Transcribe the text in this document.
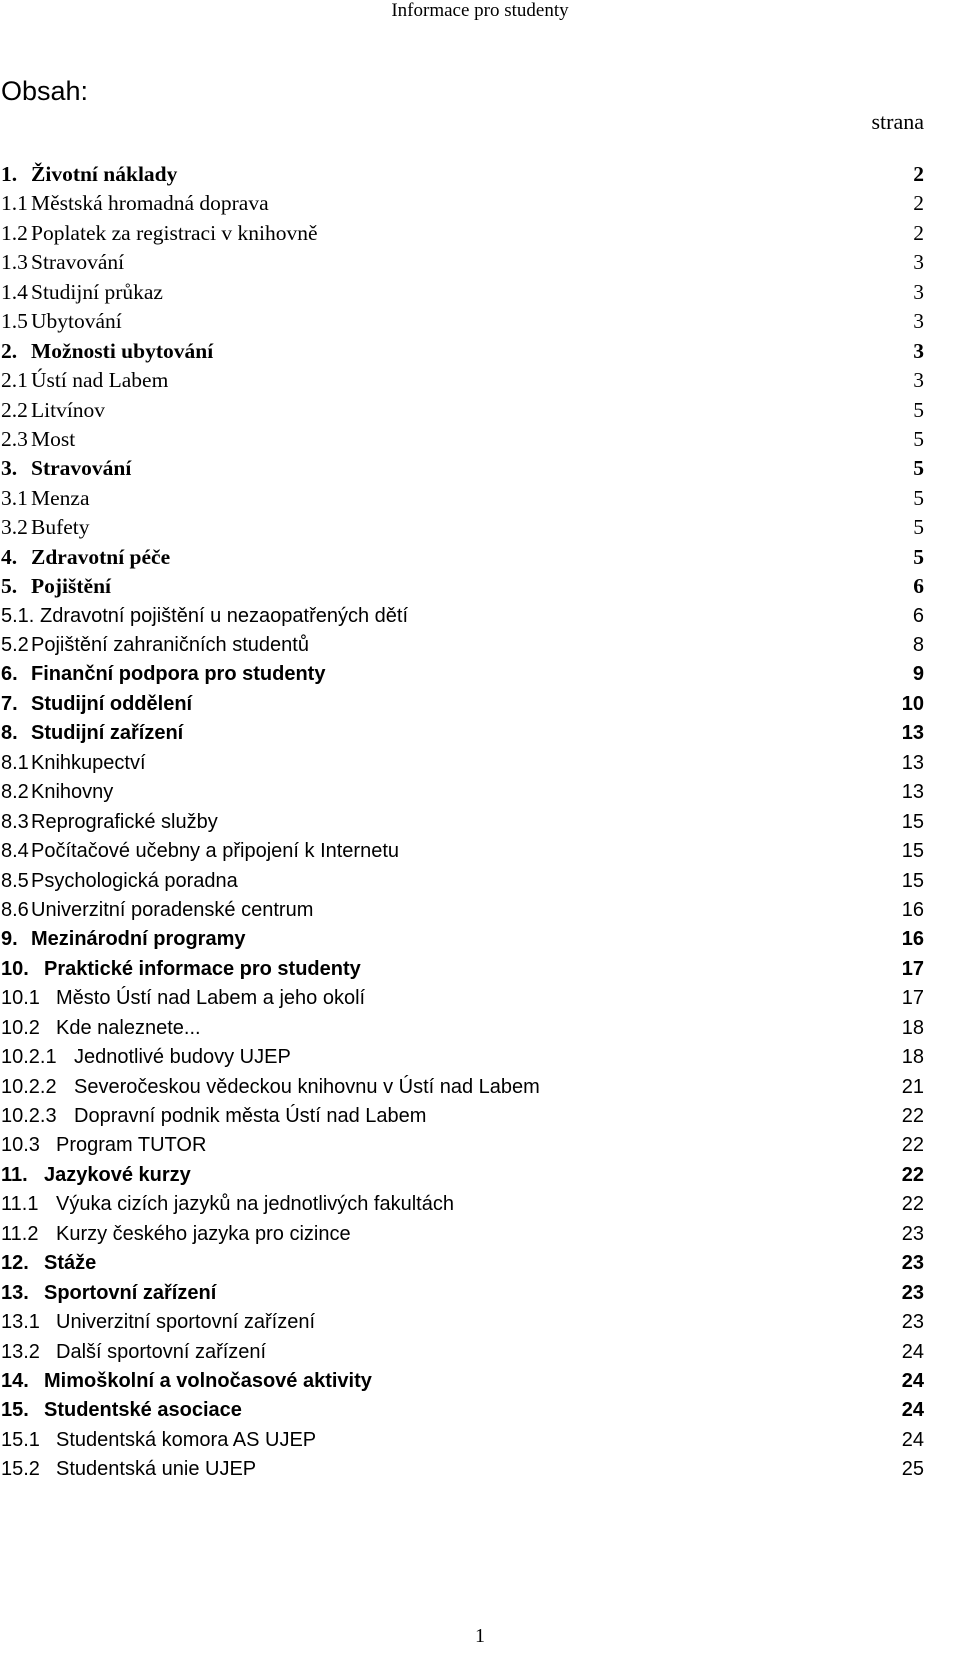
Informace pro studenty
Obsah:
strana
1. Životní náklady	2
1.1 Městská hromadná doprava	2
1.2 Poplatek za registraci v knihovně	2
1.3 Stravování	3
1.4 Studijní průkaz	3
1.5 Ubytování	3
2. Možnosti ubytování	3
2.1 Ústí nad Labem	3
2.2 Litvínov	5
2.3 Most	5
3. Stravování	5
3.1 Menza	5
3.2 Bufety	5
4. Zdravotní péče	5
5. Pojištění	6
5.1. Zdravotní pojištění u nezaopatřených dětí	6
5.2 Pojištění zahraničních studentů	8
6. Finanční podpora pro studenty	9
7. Studijní oddělení	10
8. Studijní zařízení	13
8.1 Knihkupectví	13
8.2 Knihovny	13
8.3 Reprografické služby	15
8.4 Počítačové učebny a připojení k Internetu	15
8.5 Psychologická poradna	15
8.6 Univerzitní poradenské centrum	16
9. Mezinárodní programy	16
10. Praktické informace pro studenty	17
10.1 Město Ústí nad Labem a jeho okolí	17
10.2 Kde naleznete...	18
10.2.1 Jednotlivé budovy UJEP	18
10.2.2 Severočeskou vědeckou knihovnu v Ústí nad Labem	21
10.2.3 Dopravní podnik města Ústí nad Labem	22
10.3 Program TUTOR	22
11. Jazykové kurzy	22
11.1 Výuka cizích jazyků na jednotlivých fakultách	22
11.2 Kurzy českého jazyka pro cizince	23
12. Stáže	23
13. Sportovní zařízení	23
13.1 Univerzitní sportovní zařízení	23
13.2 Další sportovní zařízení	24
14. Mimoškolní a volnočasové aktivity	24
15. Studentské asociace	24
15.1 Studentská komora AS UJEP	24
15.2 Studentská unie UJEP	25
1
